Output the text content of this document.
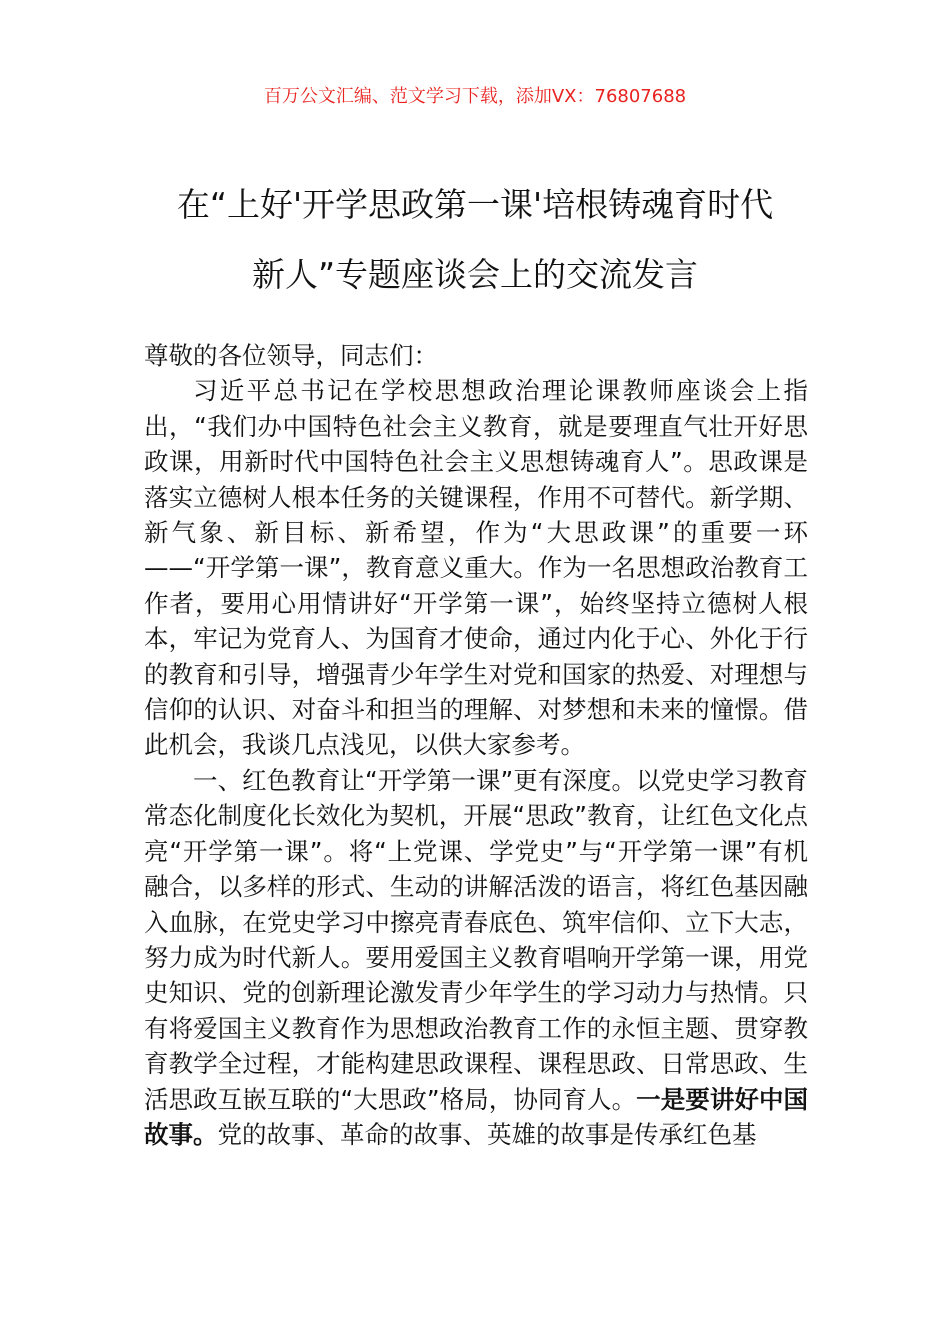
百万公文汇编、范文学习下载，添加VX：76807688
在“上好'开学思政第一课'培根铸魂育时代
新人”专题座谈会上的交流发言

尊敬的各位领导，同志们：

习近平总书记在学校思想政治理论课教师座谈会上指出，“我们办中国特色社会主义教育，就是要理直气壮开好思政课，用新时代中国特色社会主义思想铸魂育人”。思政课是落实立德树人根本任务的关键课程，作用不可替代。新学期、新气象、新目标、新希望，作为“大思政课”的重要一环——“开学第一课”，教育意义重大。作为一名思想政治教育工作者，要用心用情讲好“开学第一课”，始终坚持立德树人根本，牢记为党育人、为国育才使命，通过内化于心、外化于行的教育和引导，增强青少年学生对党和国家的热爱、对理想与信仰的认识、对奋斗和担当的理解、对梦想和未来的憧憬。借此机会，我谈几点浅见，以供大家参考。

一、红色教育让“开学第一课”更有深度。以党史学习教育常态化制度化长效化为契机，开展“思政”教育，让红色文化点亮“开学第一课”。将“上党课、学党史”与“开学第一课”有机融合，以多样的形式、生动的讲解活泼的语言，将红色基因融入血脉，在党史学习中擦亮青春底色、筑牢信仰、立下大志，努力成为时代新人。要用爱国主义教育唱响开学第一课，用党史知识、党的创新理论激发青少年学生的学习动力与热情。只有将爱国主义教育作为思想政治教育工作的永恒主题、贯穿教育教学全过程，才能构建思政课程、课程思政、日常思政、生活思政互嵌互联的“大思政”格局，协同育人。一是要讲好中国故事。党的故事、革命的故事、英雄的故事是传承红色基
